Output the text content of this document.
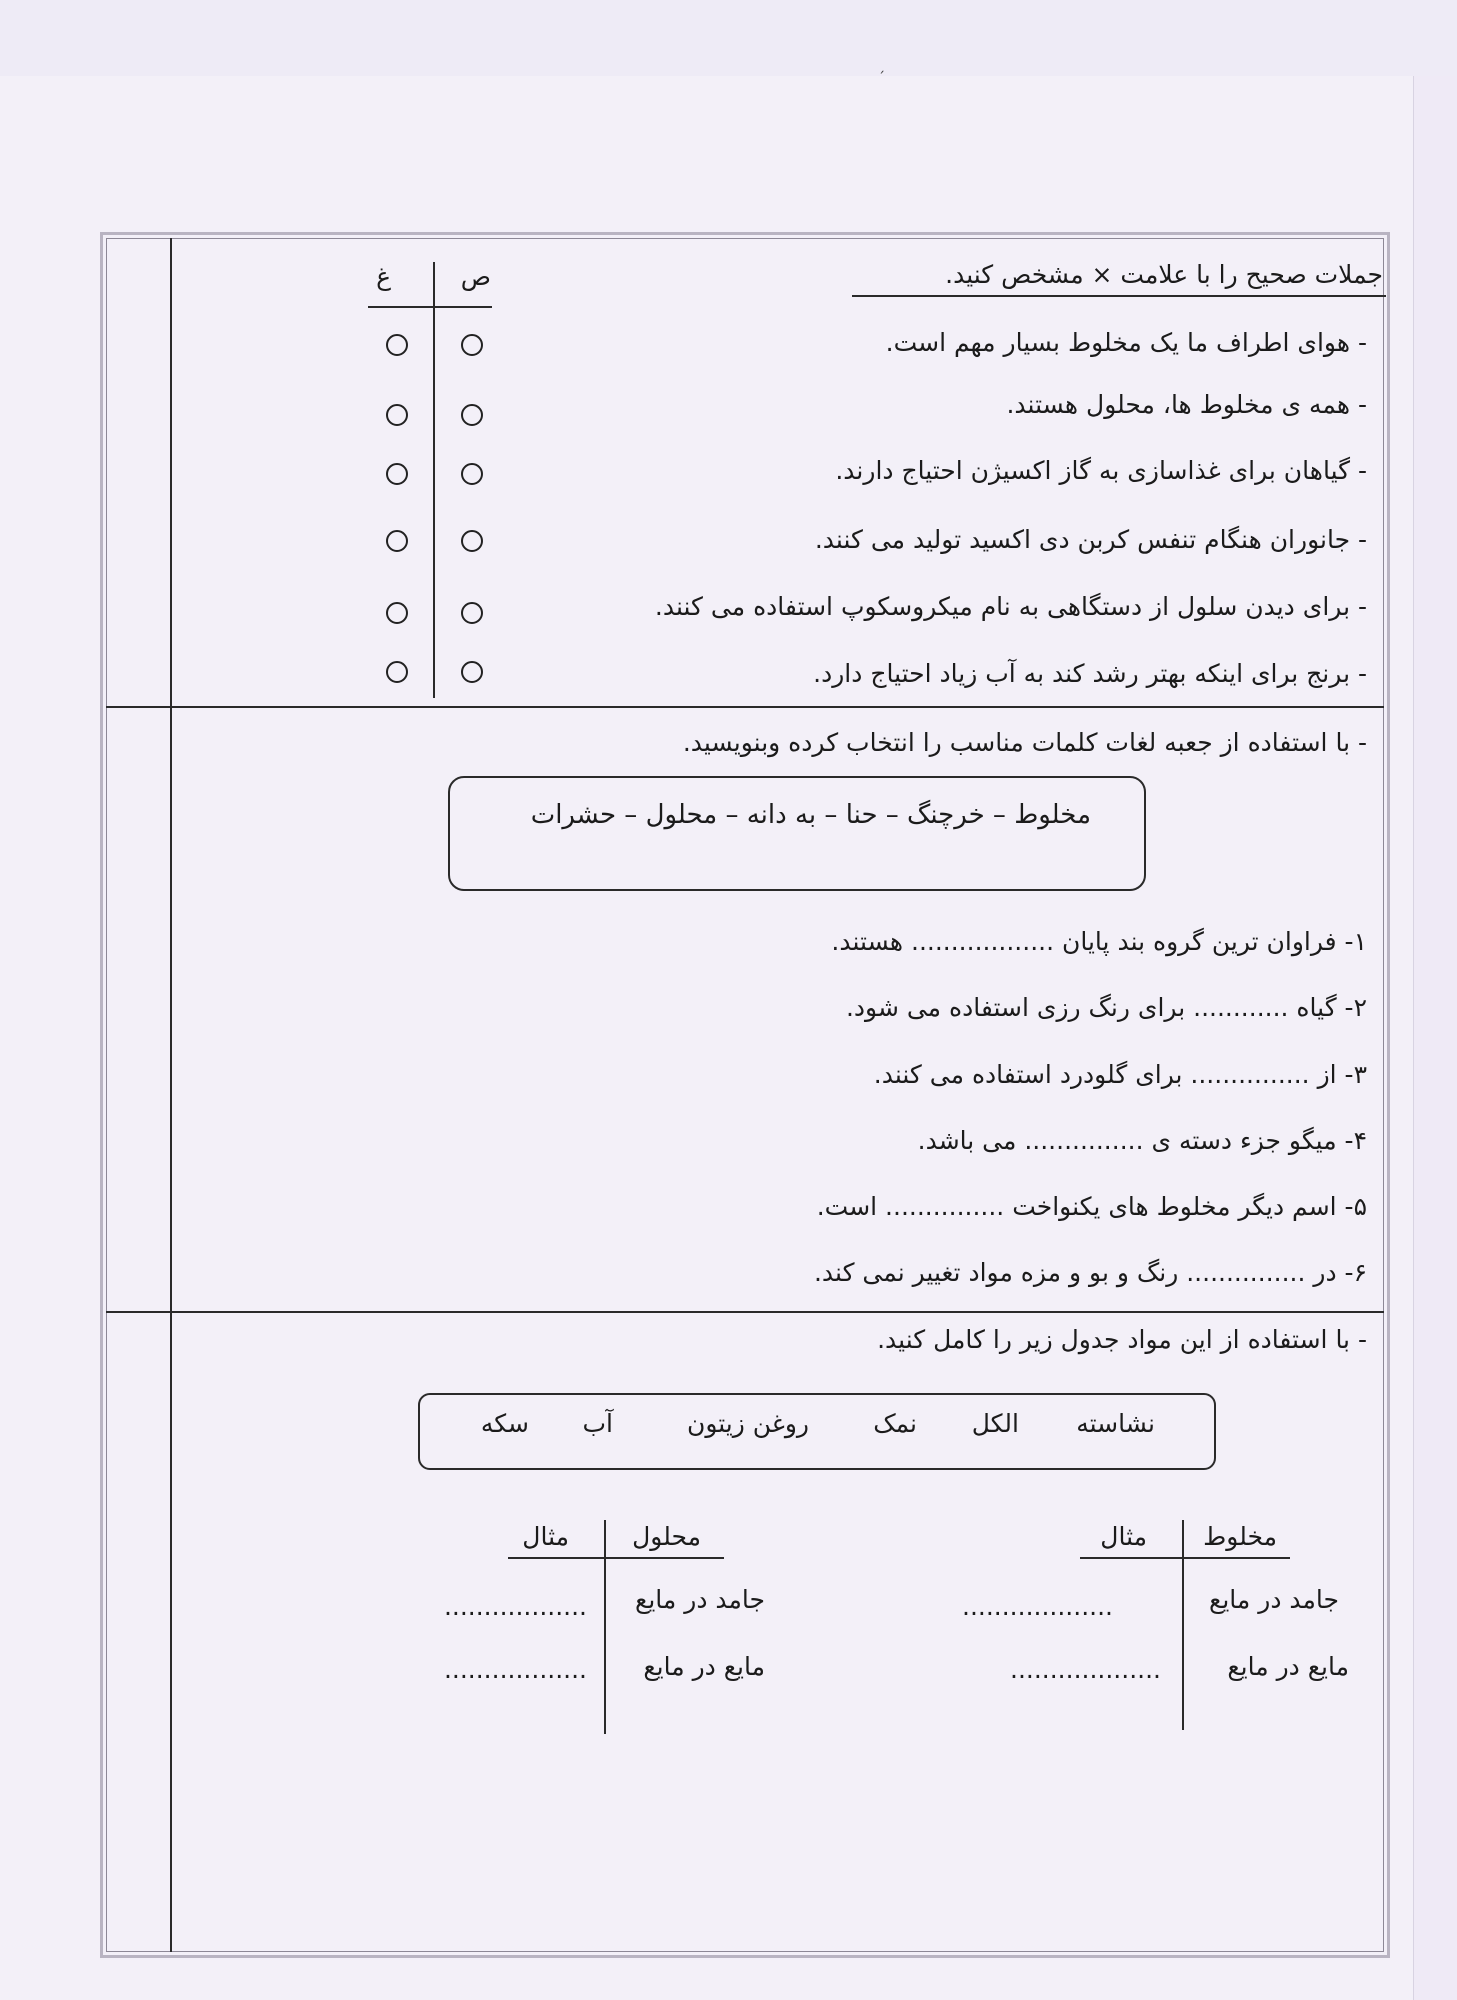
ˏ
جملات صحیح را با علامت × مشخص کنید.
ص
غ
- هوای اطراف ما یک مخلوط بسیار مهم است.
- همه ی مخلوط ها، محلول هستند.
- گیاهان برای غذاسازی به گاز اکسیژن احتیاج دارند.
- جانوران هنگام تنفس کربن دی اکسید تولید می کنند.
- برای دیدن سلول از دستگاهی به نام میکروسکوپ استفاده می کنند.
- برنج برای اینکه بهتر رشد کند به آب زیاد احتیاج دارد.
- با استفاده از جعبه لغات کلمات مناسب را انتخاب کرده وبنویسید.
مخلوط – خرچنگ – حنا – به دانه – محلول – حشرات
۱- فراوان ترین گروه بند پایان .................. هستند.
۲- گیاه ............ برای رنگ رزی استفاده می شود.
۳- از ............... برای گلودرد استفاده می کنند.
۴- میگو جزء دسته ی ............... می باشد.
۵- اسم دیگر مخلوط های یکنواخت ............... است.
۶- در ............... رنگ و بو و مزه مواد تغییر نمی کند.
- با استفاده از این مواد جدول زیر را کامل کنید.
نشاسته
الکل
نمک
روغن زیتون
آب
سکه
مخلوط
مثال
جامد در مایع
مایع در مایع
...................
...................
محلول
مثال
جامد در مایع
مایع در مایع
..................
..................
